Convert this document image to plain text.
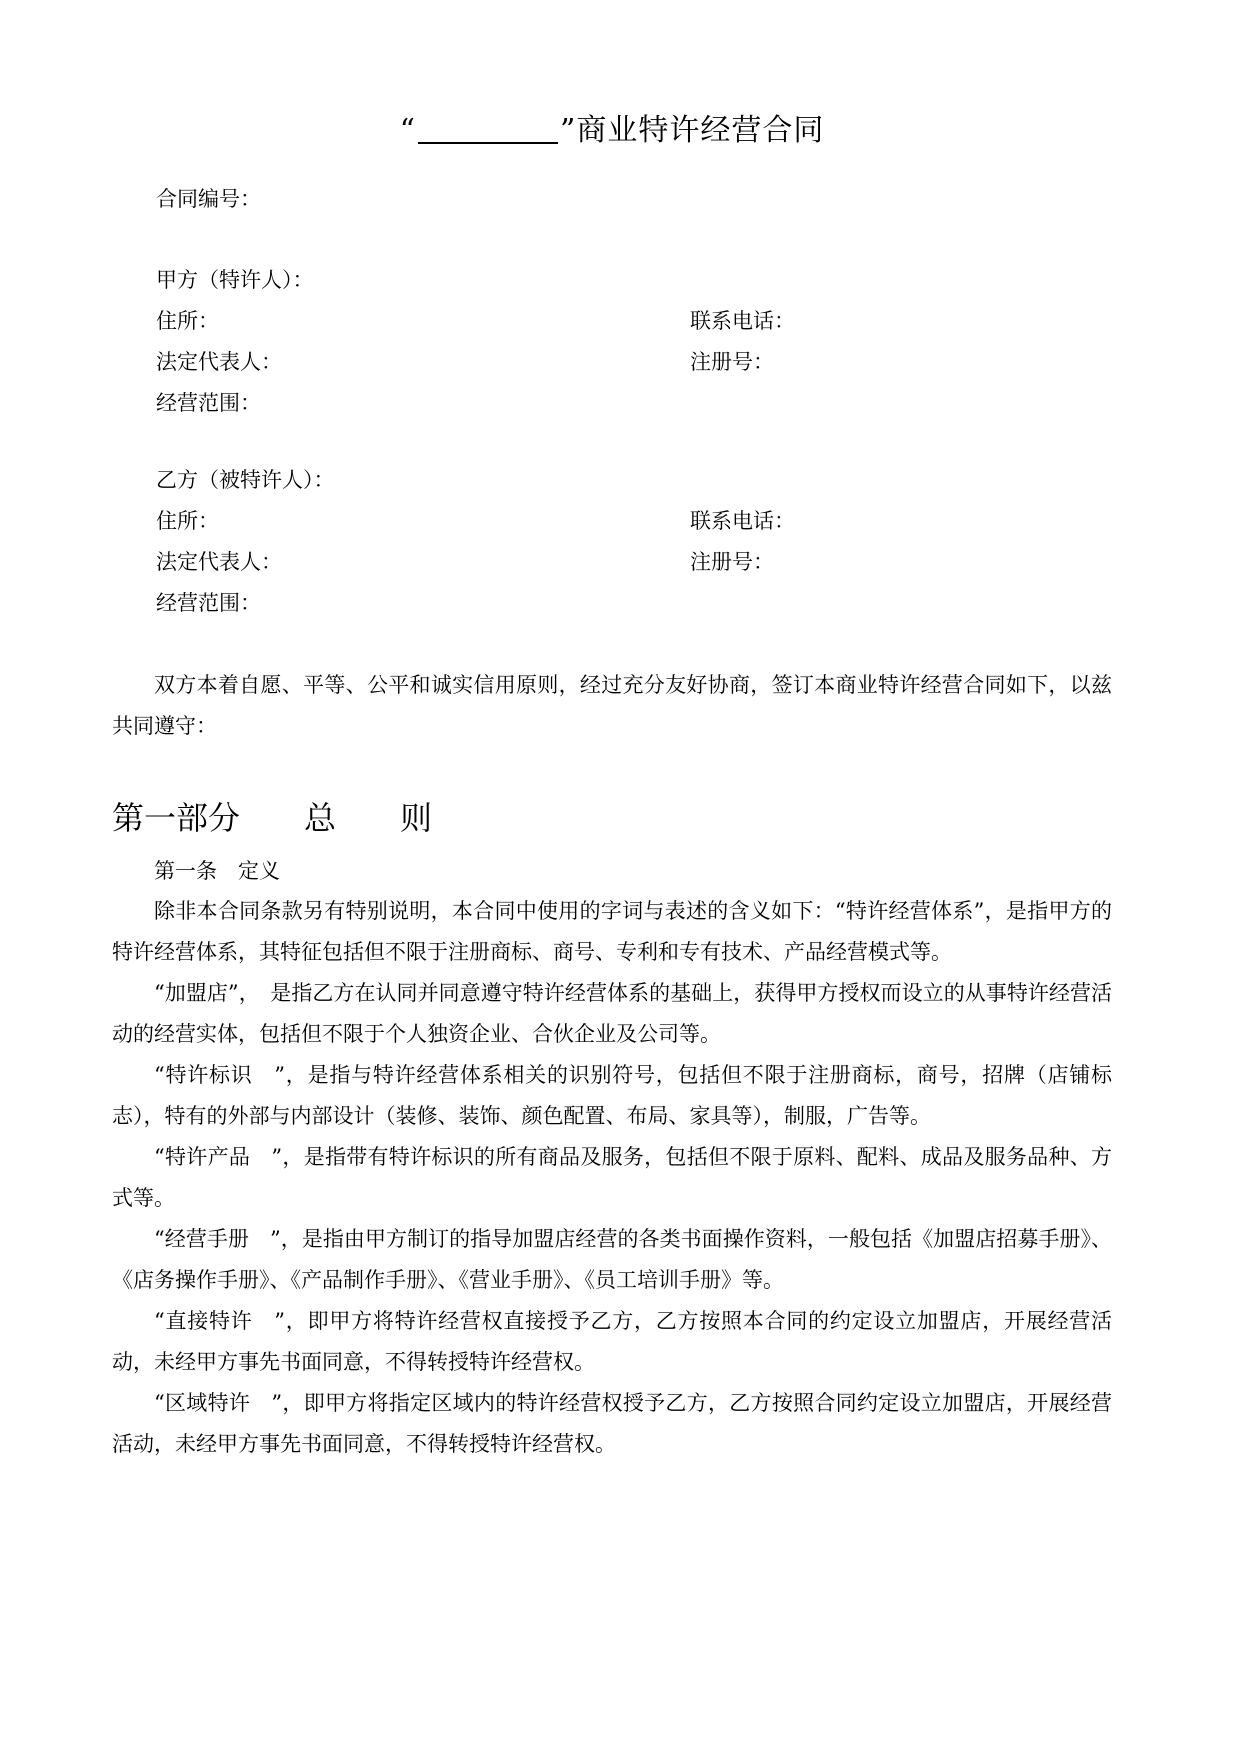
“	”商业特许经营合同
合同编号：
甲方（特许人）：
住所：	联系电话：
法定代表人：	注册号：
经营范围：
乙方（被特许人）：
住所：	联系电话：
法定代表人：	注册号：
经营范围：

双方本着自愿、平等、公平和诚实信用原则，经过充分友好协商，签订本商业特许经营合同如下，以兹共同遵守：

第一部分　　总　　则

第一条　定义

除非本合同条款另有特别说明，本合同中使用的字词与表述的含义如下：“特许经营体系”，是指甲方的特许经营体系，其特征包括但不限于注册商标、商号、专利和专有技术、产品经营模式等。

“加盟店”，　是指乙方在认同并同意遵守特许经营体系的基础上，获得甲方授权而设立的从事特许经营活动的经营实体，包括但不限于个人独资企业、合伙企业及公司等。

“特许标识　”，是指与特许经营体系相关的识别符号，包括但不限于注册商标，商号，招牌（店铺标志），特有的外部与内部设计（装修、装饰、颜色配置、布局、家具等），制服，广告等。

“特许产品　”，是指带有特许标识的所有商品及服务，包括但不限于原料、配料、成品及服务品种、方式等。

“经营手册　”，是指由甲方制订的指导加盟店经营的各类书面操作资料，一般包括《加盟店招募手册》、《店务操作手册》、《产品制作手册》、《营业手册》、《员工培训手册》等。

“直接特许　”，即甲方将特许经营权直接授予乙方，乙方按照本合同的约定设立加盟店，开展经营活动，未经甲方事先书面同意，不得转授特许经营权。

“区域特许　”，即甲方将指定区域内的特许经营权授予乙方，乙方按照合同约定设立加盟店，开展经营活动，未经甲方事先书面同意，不得转授特许经营权。
